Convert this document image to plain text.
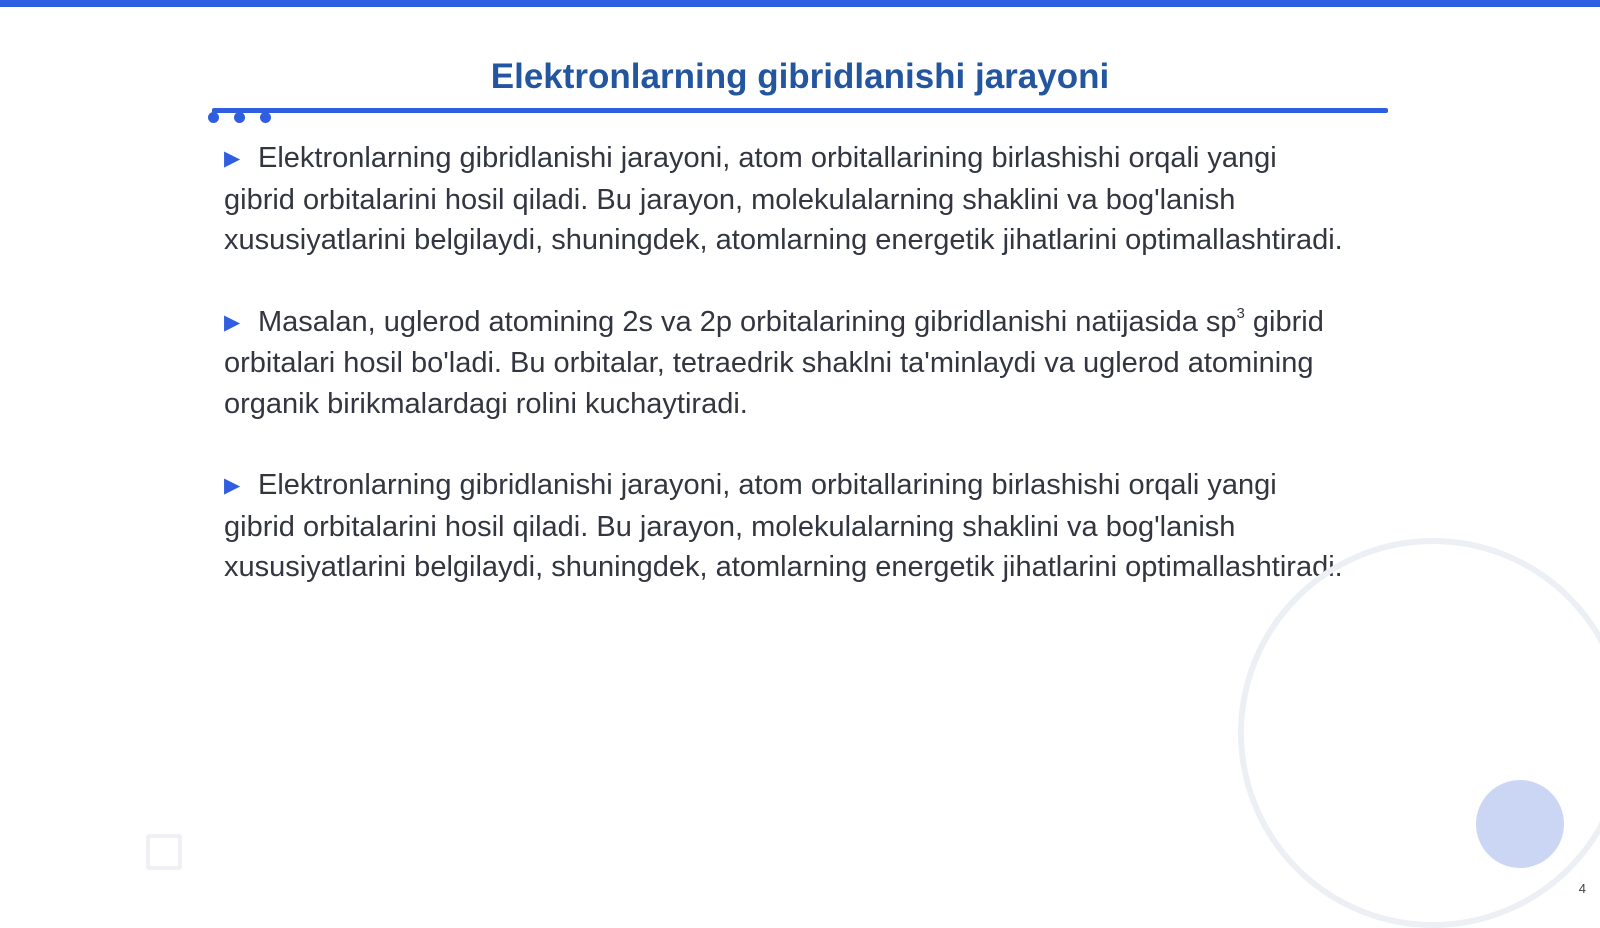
Elektronlarning gibridlanishi jarayoni

▶ Elektronlarning gibridlanishi jarayoni, atom orbitallarining birlashishi orqali yangi gibrid orbitalarini hosil qiladi. Bu jarayon, molekulalarning shaklini va bog'lanish xususiyatlarini belgilaydi, shuningdek, atomlarning energetik jihatlarini optimallashtiradi.

▶ Masalan, uglerod atomining 2s va 2p orbitalarining gibridlanishi natijasida $sp^3$ gibrid orbitalari hosil bo'ladi. Bu orbitalar, tetraedrik shaklni ta'minlaydi va uglerod atomining organik birikmalardagi rolini kuchaytiradi.

▶ Elektronlarning gibridlanishi jarayoni, atom orbitallarining birlashishi orqali yangi gibrid orbitalarini hosil qiladi. Bu jarayon, molekulalarning shaklini va bog'lanish xususiyatlarini belgilaydi, shuningdek, atomlarning energetik jihatlarini optimallashtiradi.

4
